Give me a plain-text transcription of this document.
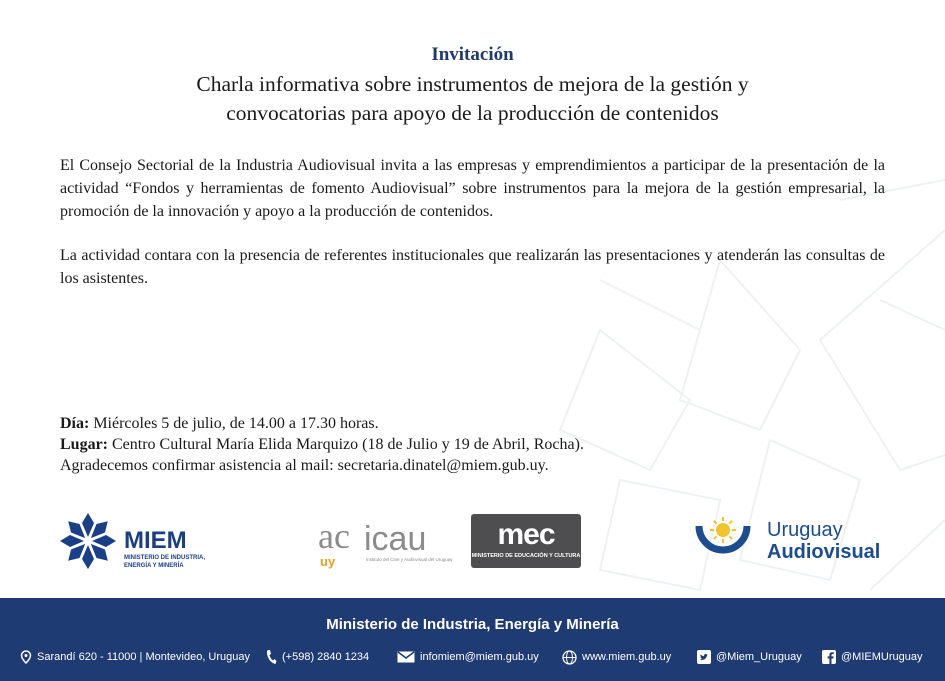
Invitación
Charla informativa sobre instrumentos de mejora de la gestión y
convocatorias para apoyo de la producción de contenidos
El Consejo Sectorial de la Industria Audiovisual invita a las empresas y emprendimientos a participar de la presentación de la actividad “Fondos y herramientas de fomento Audiovisual” sobre instrumentos para la mejora de la gestión empresarial, la promoción de la innovación y apoyo a la producción de contenidos.
La actividad contara con la presencia de referentes institucionales que realizarán las presentaciones y atenderán las consultas de los asistentes.
Día: Miércoles 5 de julio, de 14.00 a 17.30 horas.
Lugar: Centro Cultural María Elida Marquizo (18 de Julio y 19 de Abril, Rocha).
Agradecemos confirmar asistencia al mail: secretaria.dinatel@miem.gub.uy.
MIEM
MINISTERIO DE INDUSTRIA,
ENERGÍA Y MINERÍA
ac
uy
icau
Instituto del Cine y Audiovisual del Uruguay
mec
MINISTERIO DE EDUCACIÓN Y CULTURA
Uruguay
Audiovisual
Ministerio de Industria, Energía y Minería
Sarandí 620 - 11000 | Montevideo, Uruguay	(+598) 2840 1234	infomiem@miem.gub.uy	www.miem.gub.uy	@Miem_Uruguay	@MIEMUruguay
